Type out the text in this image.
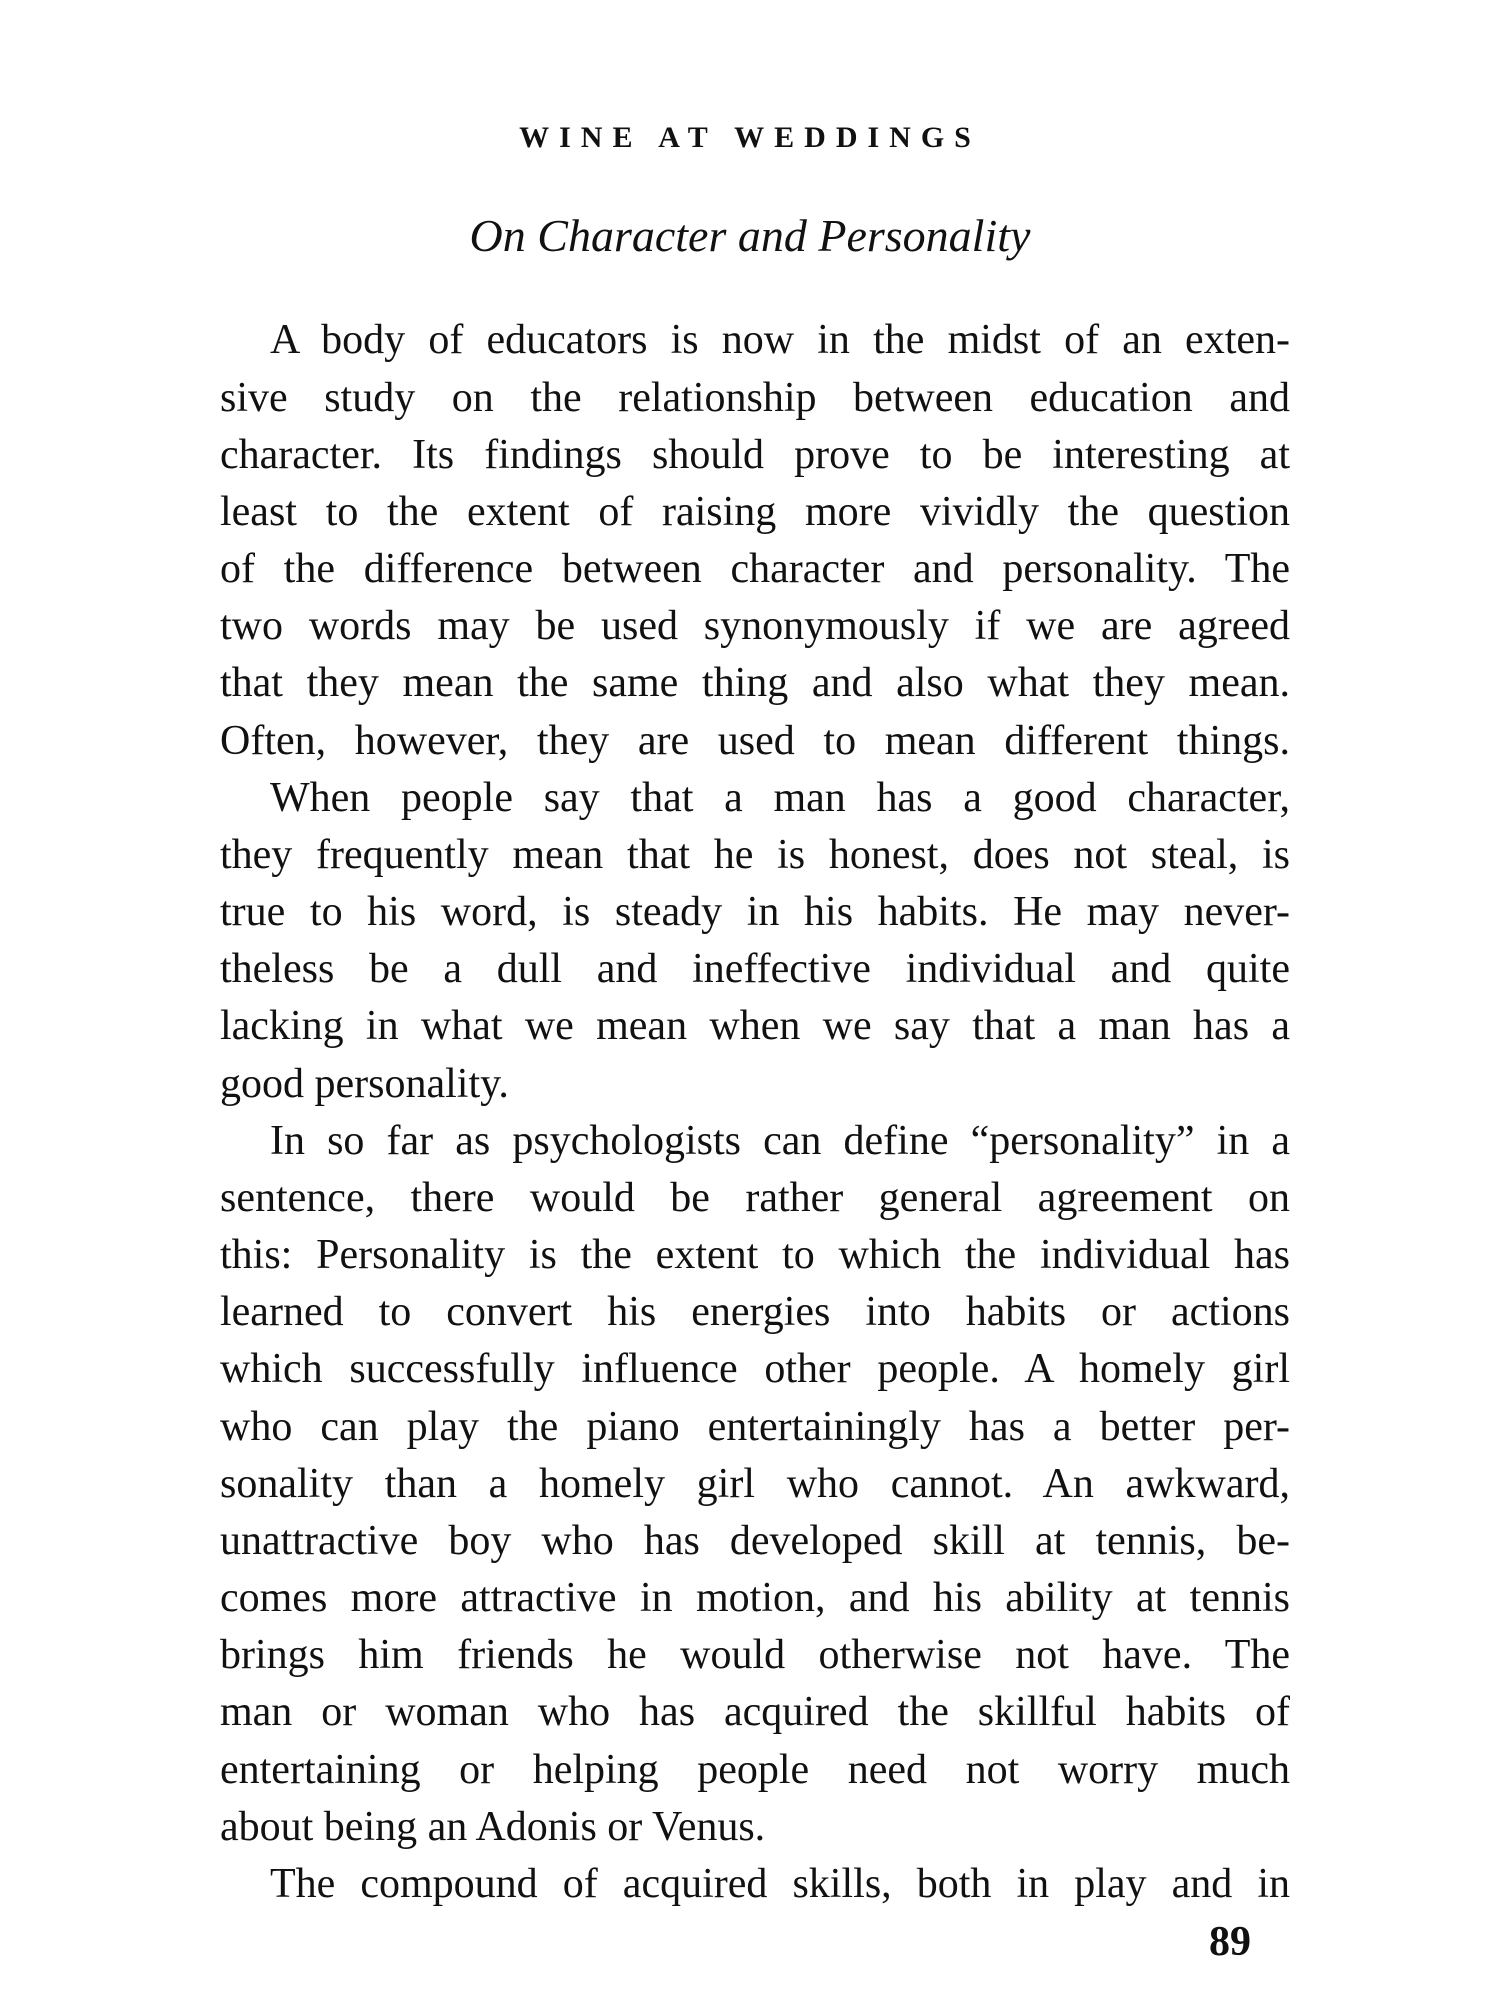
WINE AT WEDDINGS
On Character and Personality
A body of educators is now in the midst of an exten-
sive study on the relationship between education and
character. Its findings should prove to be interesting at
least to the extent of raising more vividly the question
of the difference between character and personality. The
two words may be used synonymously if we are agreed
that they mean the same thing and also what they mean.
Often, however, they are used to mean different things.
When people say that a man has a good character,
they frequently mean that he is honest, does not steal, is
true to his word, is steady in his habits. He may never-
theless be a dull and ineffective individual and quite
lacking in what we mean when we say that a man has a
good personality.
In so far as psychologists can define “personality” in a
sentence, there would be rather general agreement on
this: Personality is the extent to which the individual has
learned to convert his energies into habits or actions
which successfully influence other people. A homely girl
who can play the piano entertainingly has a better per-
sonality than a homely girl who cannot. An awkward,
unattractive boy who has developed skill at tennis, be-
comes more attractive in motion, and his ability at tennis
brings him friends he would otherwise not have. The
man or woman who has acquired the skillful habits of
entertaining or helping people need not worry much
about being an Adonis or Venus.
The compound of acquired skills, both in play and in
89
